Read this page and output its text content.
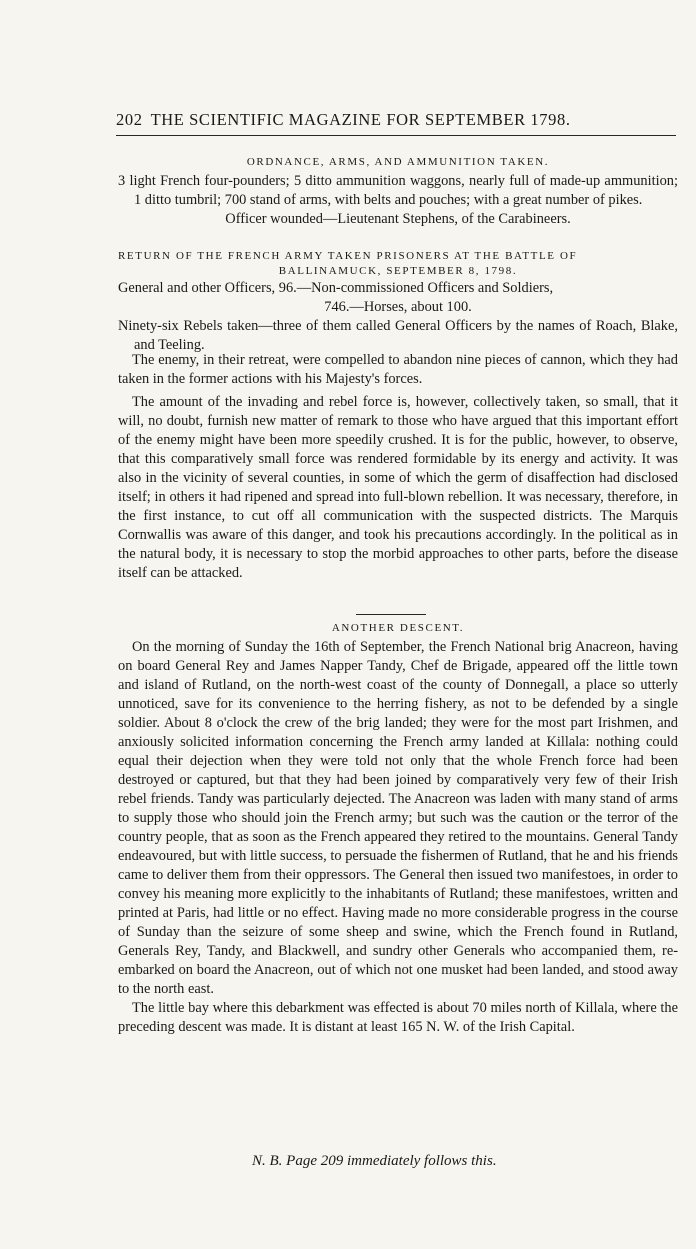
202 THE SCIENTIFIC MAGAZINE FOR SEPTEMBER 1798.
ORDNANCE, ARMS, AND AMMUNITION TAKEN.

3 light French four-pounders; 5 ditto ammunition waggons, nearly full of made-up ammunition; 1 ditto tumbril; 700 stand of arms, with belts and pouches; with a great number of pikes.

Officer wounded—Lieutenant Stephens, of the Carabineers.

RETURN OF THE FRENCH ARMY TAKEN PRISONERS AT THE BATTLE OF
BALLINAMUCK, SEPTEMBER 8, 1798.

General and other Officers, 96.—Non-commissioned Officers and Soldiers,

746.—Horses, about 100.

Ninety-six Rebels taken—three of them called General Officers by the names of Roach, Blake, and Teeling.

The enemy, in their retreat, were compelled to abandon nine pieces of cannon, which they had taken in the former actions with his Majesty's forces.

The amount of the invading and rebel force is, however, collectively taken, so small, that it will, no doubt, furnish new matter of remark to those who have argued that this important effort of the enemy might have been more speedily crushed. It is for the public, however, to observe, that this comparatively small force was rendered formidable by its energy and activity. It was also in the vicinity of several counties, in some of which the germ of disaffection had disclosed itself; in others it had ripened and spread into full-blown rebellion. It was necessary, therefore, in the first instance, to cut off all communication with the suspected districts. The Marquis Cornwallis was aware of this danger, and took his precautions accordingly. In the political as in the natural body, it is necessary to stop the morbid approaches to other parts, before the disease itself can be attacked.

ANOTHER DESCENT.

On the morning of Sunday the 16th of September, the French National brig Anacreon, having on board General Rey and James Napper Tandy, Chef de Brigade, appeared off the little town and island of Rutland, on the north-west coast of the county of Donnegall, a place so utterly unnoticed, save for its convenience to the herring fishery, as not to be defended by a single soldier. About 8 o'clock the crew of the brig landed; they were for the most part Irishmen, and anxiously solicited information concerning the French army landed at Killala: nothing could equal their dejection when they were told not only that the whole French force had been destroyed or captured, but that they had been joined by comparatively very few of their Irish rebel friends. Tandy was particularly dejected. The Anacreon was laden with many stand of arms to supply those who should join the French army; but such was the caution or the terror of the country people, that as soon as the French appeared they retired to the mountains. General Tandy endeavoured, but with little success, to persuade the fishermen of Rutland, that he and his friends came to deliver them from their oppressors. The General then issued two manifestoes, in order to convey his meaning more explicitly to the inhabitants of Rutland; these manifestoes, written and printed at Paris, had little or no effect. Having made no more considerable progress in the course of Sunday than the seizure of some sheep and swine, which the French found in Rutland, Generals Rey, Tandy, and Blackwell, and sundry other Generals who accompanied them, re-embarked on board the Anacreon, out of which not one musket had been landed, and stood away to the north east.

The little bay where this debarkment was effected is about 70 miles north of Killala, where the preceding descent was made. It is distant at least 165 N. W. of the Irish Capital.

N. B. Page 209 immediately follows this.
